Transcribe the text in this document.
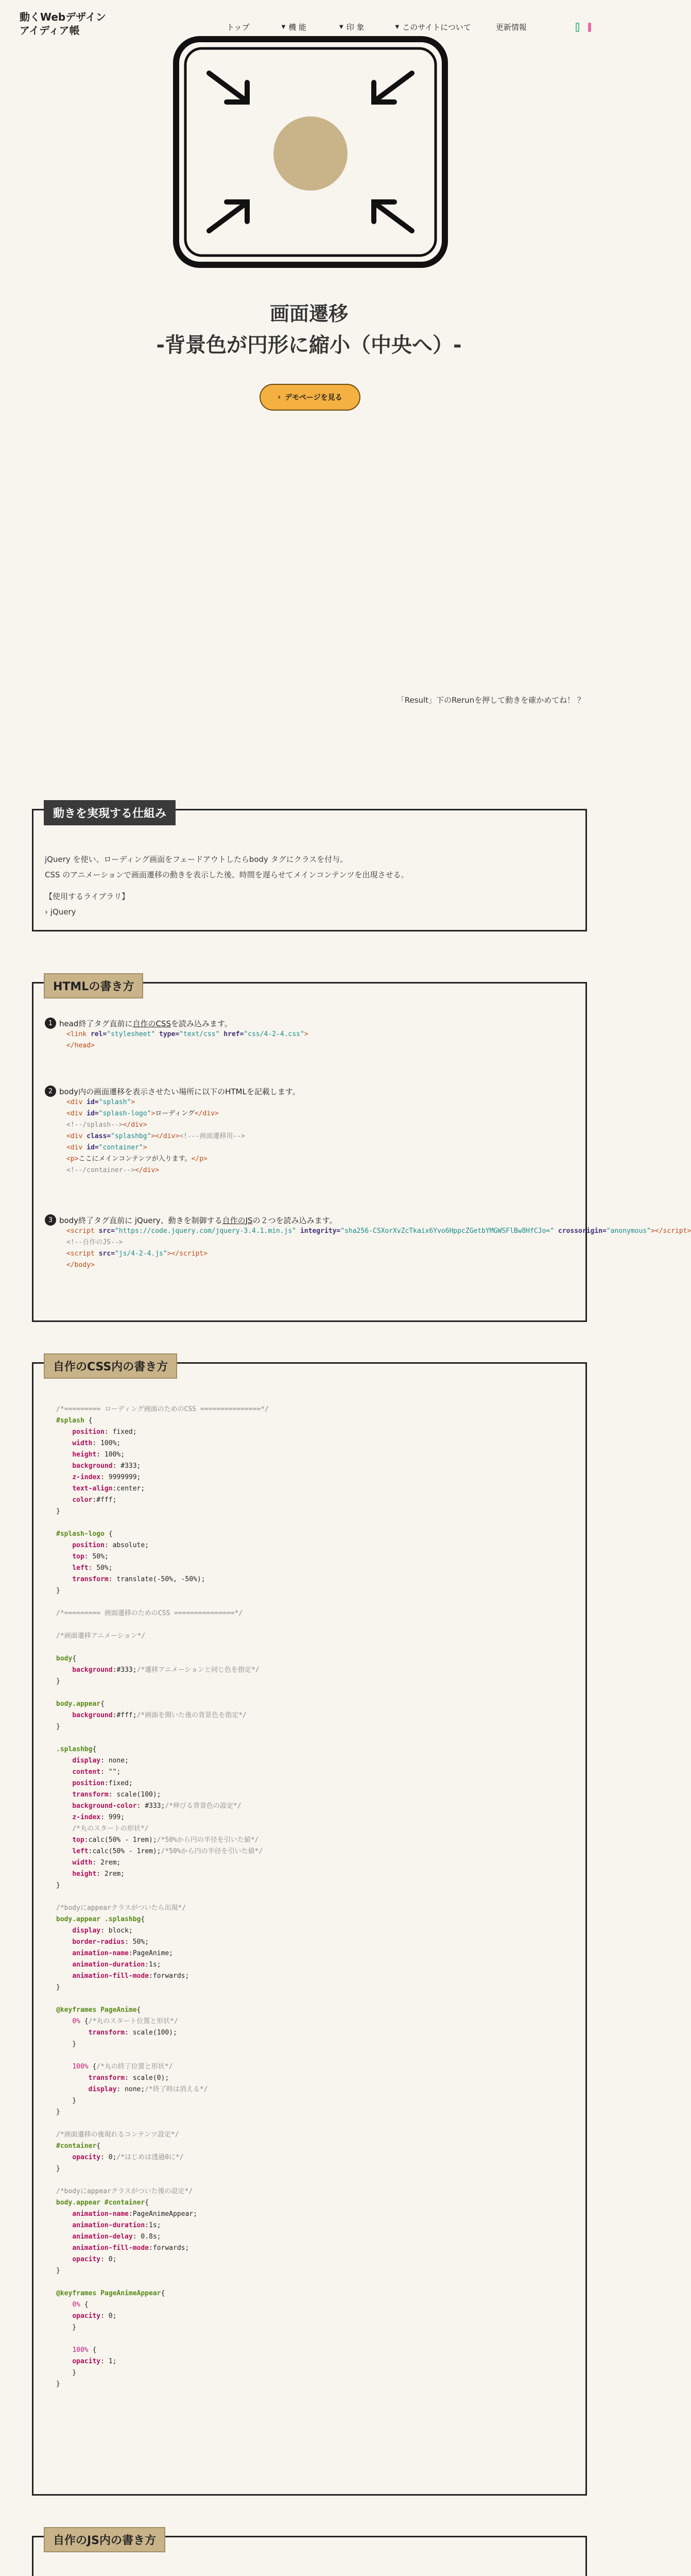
動くWebデザイン
アイディア帳	トップ	▼ 機 能	▼ 印 象	▼ このサイトについて	更新情報
画面遷移
-背景色が円形に縮小（中央へ）-
› デモページを見る
「Result」下のRerunを押して動きを確かめてね！ ？
動きを実現する仕組み
jQuery を使い、ローディング画面をフェードアウトしたらbody タグにクラスを付与。
CSS のアニメーションで画面遷移の動きを表示した後、時間を遅らせてメインコンテンツを出現させる。
【使用するライブラリ】
› jQuery
HTMLの書き方
1 head終了タグ直前に 自作のCSS を読み込みます。
<link rel="stylesheet" type="text/css" href="css/4-2-4.css">
</head>
2 body内の画面遷移を表示させたい場所に以下のHTMLを記載します。
<div id="splash">
<div id="splash-logo">ローディング</div>
<!--/splash--></div>
<div class="splashbg"></div><!---画面遷移用-->
<div id="container">
<p>ここにメインコンテンツが入ります。</p>
<!--/container--></div>
3 body終了タグ直前に jQuery、動きを制御する 自作のJS の２つを読み込みます。
<script src="https://code.jquery.com/jquery-3.4.1.min.js" integrity="sha256-CSXorXvZcTkaix6Yvo6HppcZGetbYMGWSFlBw8HfCJo=" crossorigin="anonymous"></script>
<!--自作のJS-->
<script src="js/4-2-4.js"></script>
</body>
自作のCSS内の書き方
/*========= ローディング画面のためのCSS ===============*/
#splash {
position: fixed;
width: 100%;
height: 100%;
background: #333;
z-index: 9999999;
text-align:center;
color:#fff;
}

#splash-logo {
position: absolute;
top: 50%;
left: 50%;
transform: translate(-50%, -50%);
}

/*========= 画面遷移のためのCSS ===============*/

/*画面遷移アニメーション*/

body{
background:#333;/*遷移アニメーションと同じ色を指定*/
}

body.appear{
background:#fff;/*画面を開いた後の背景色を指定*/
}

.splashbg{
display: none;
content: "";
position:fixed;
transform: scale(100);
background-color: #333;/*伸びる背景色の設定*/
z-index: 999;
/*丸のスタートの形状*/
top:calc(50% - 1rem);/*50%から円の半径を引いた値*/
left:calc(50% - 1rem);/*50%から円の半径を引いた値*/
width: 2rem;
height: 2rem;
}

/*bodyにappearクラスがついたら出現*/
body.appear .splashbg{
display: block;
border-radius: 50%;
animation-name:PageAnime;
animation-duration:1s;
animation-fill-mode:forwards;
}

@keyframes PageAnime{
0% {/*丸のスタート位置と形状*/
transform: scale(100);
}

100% {/*丸の終了位置と形状*/
transform: scale(0);
display: none;/*終了時は消える*/
}
}

/*画面遷移の後現れるコンテンツ設定*/
#container{
opacity: 0;/*はじめは透過0に*/
}

/*bodyにappearクラスがついた後の設定*/
body.appear #container{
animation-name:PageAnimeAppear;
animation-duration:1s;
animation-delay: 0.8s;
animation-fill-mode:forwards;
opacity: 0;
}

@keyframes PageAnimeAppear{
0% {
opacity: 0;
}

100% {
opacity: 1;
}
}
自作のJS内の書き方
